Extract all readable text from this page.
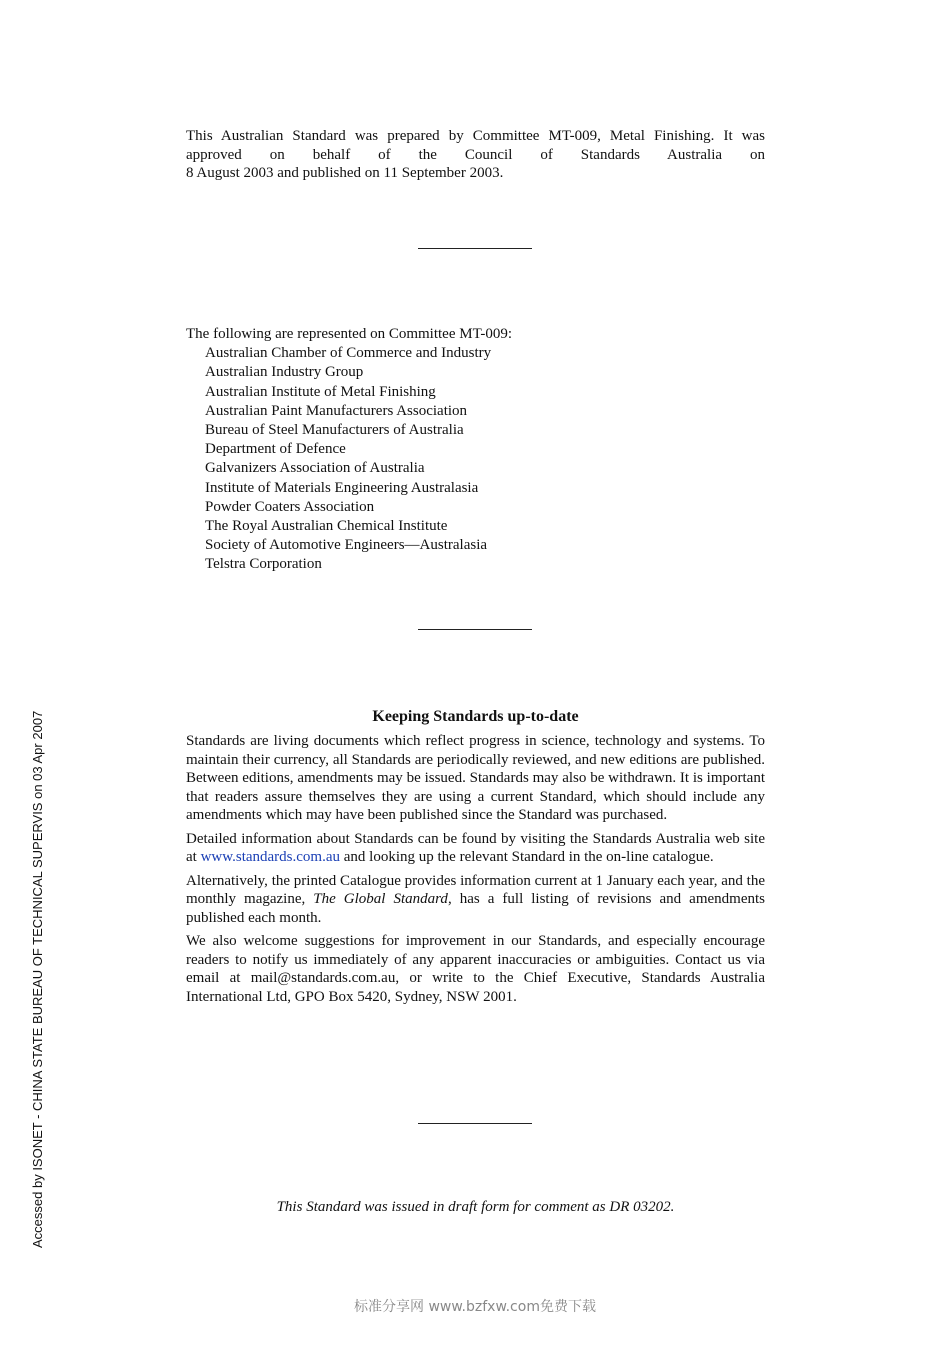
This Australian Standard was prepared by Committee MT-009, Metal Finishing. It was approved on behalf of the Council of Standards Australia on
8 August 2003 and published on 11 September 2003.
The following are represented on Committee MT-009:
Australian Chamber of Commerce and Industry
Australian Industry Group
Australian Institute of Metal Finishing
Australian Paint Manufacturers Association
Bureau of Steel Manufacturers of Australia
Department of Defence
Galvanizers Association of Australia
Institute of Materials Engineering Australasia
Powder Coaters Association
The Royal Australian Chemical Institute
Society of Automotive Engineers—Australasia
Telstra Corporation
Keeping Standards up-to-date

Standards are living documents which reflect progress in science, technology and systems. To maintain their currency, all Standards are periodically reviewed, and new editions are published. Between editions, amendments may be issued. Standards may also be withdrawn. It is important that readers assure themselves they are using a current Standard, which should include any amendments which may have been published since the Standard was purchased.

Detailed information about Standards can be found by visiting the Standards Australia web site at www.standards.com.au and looking up the relevant Standard in the on-line catalogue.

Alternatively, the printed Catalogue provides information current at 1 January each year, and the monthly magazine, The Global Standard, has a full listing of revisions and amendments published each month.

We also welcome suggestions for improvement in our Standards, and especially encourage readers to notify us immediately of any apparent inaccuracies or ambiguities. Contact us via email at mail@standards.com.au, or write to the Chief Executive, Standards Australia International Ltd, GPO Box 5420, Sydney, NSW 2001.

This Standard was issued in draft form for comment as DR 03202.
Accessed by ISONET - CHINA STATE BUREAU OF TECHNICAL SUPERVIS on 03 Apr 2007
标准分享网 www.bzfxw.com免费下载
